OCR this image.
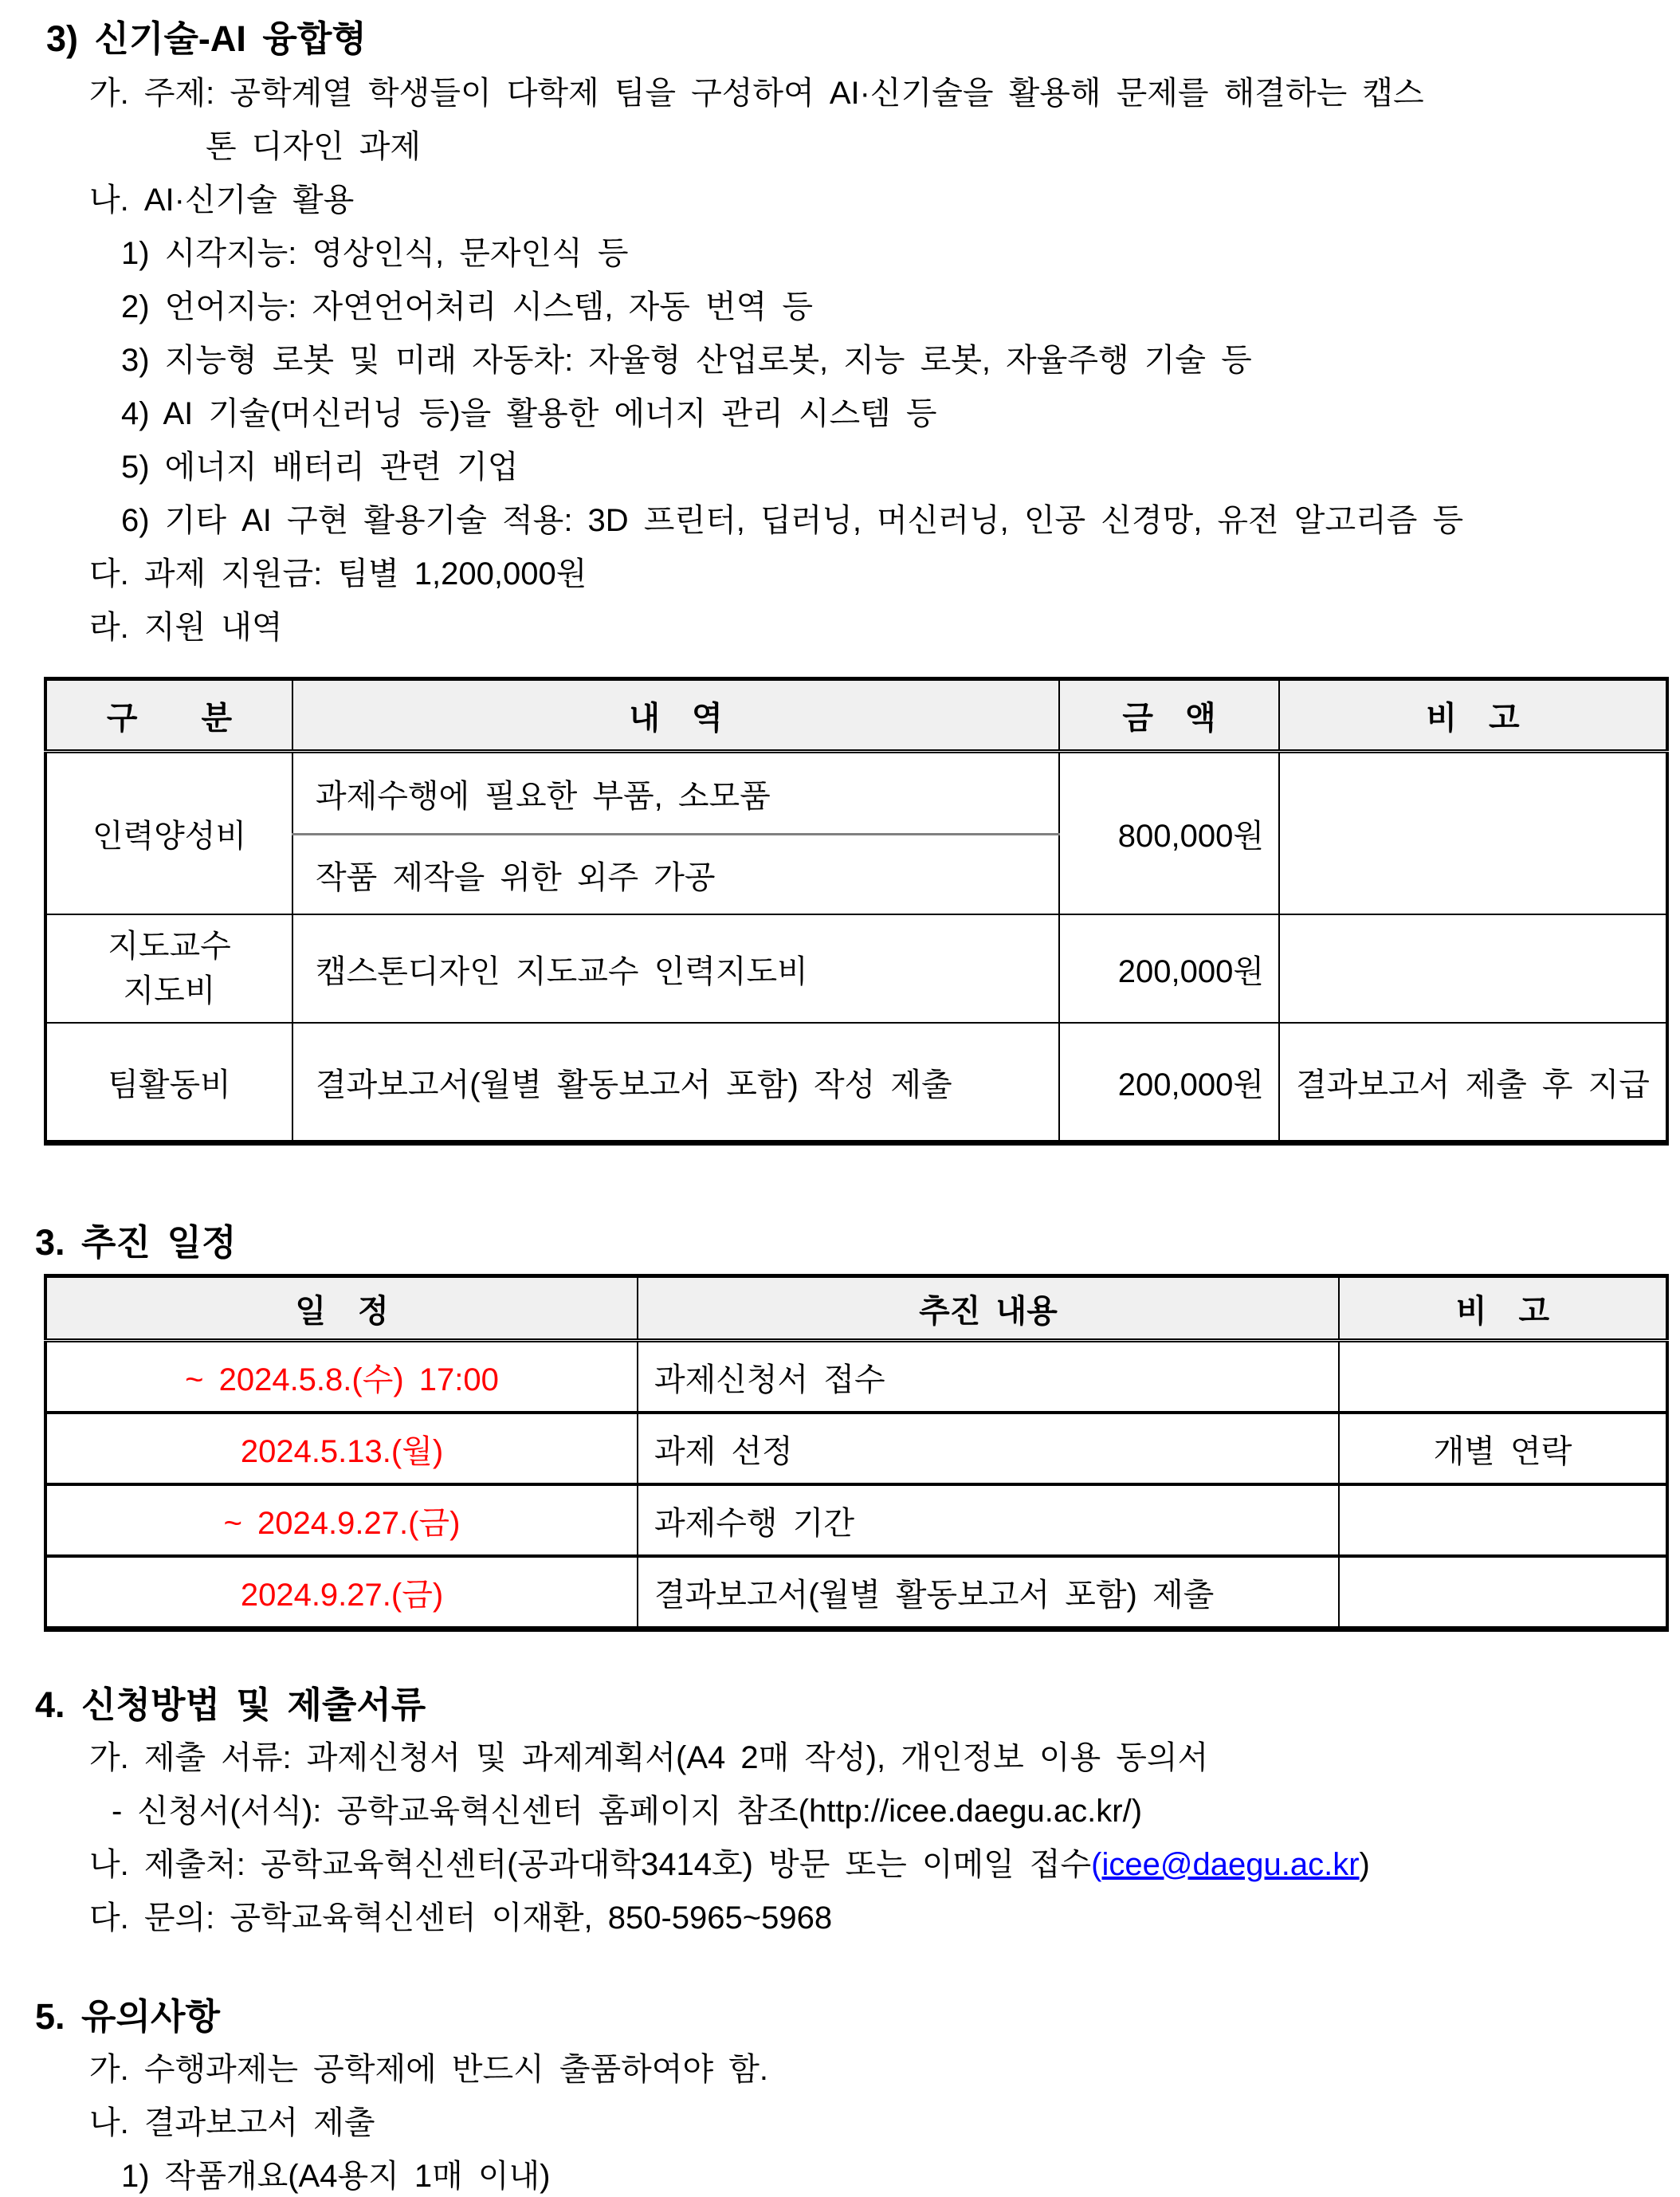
3) 신기술-AI 융합형
가. 주제: 공학계열 학생들이 다학제 팀을 구성하여 AI·신기술을 활용해 문제를 해결하는 캡스
톤 디자인 과제
나. AI·신기술 활용
1) 시각지능: 영상인식, 문자인식 등
2) 언어지능: 자연언어처리 시스템, 자동 번역 등
3) 지능형 로봇 및 미래 자동차: 자율형 산업로봇, 지능 로봇, 자율주행 기술 등
4) AI 기술(머신러닝 등)을 활용한 에너지 관리 시스템 등
5) 에너지 배터리 관련 기업
6) 기타 AI 구현 활용기술 적용: 3D 프린터, 딥러닝, 머신러닝, 인공 신경망, 유전 알고리즘 등
다. 과제 지원금: 팀별 1,200,000원
라. 지원 내역
구　　분	내　역	금　액	비　고
인력양성비	과제수행에 필요한 부품, 소모품	800,000원	
	작품 제작을 위한 외주 가공		

지도교수
지도비	캡스톤디자인 지도교수 인력지도비	200,000원	
팀활동비	결과보고서(월별 활동보고서 포함) 작성 제출	200,000원	결과보고서 제출 후 지급
3. 추진 일정
일　정	추진 내용	비　고
~ 2024.5.8.(수) 17:00	과제신청서 접수	
2024.5.13.(월)	과제 선정	개별 연락
~ 2024.9.27.(금)	과제수행 기간	
2024.9.27.(금)	결과보고서(월별 활동보고서 포함) 제출	
4. 신청방법 및 제출서류
가. 제출 서류: 과제신청서 및 과제계획서(A4 2매 작성), 개인정보 이용 동의서
- 신청서(서식): 공학교육혁신센터 홈페이지 참조(http://icee.daegu.ac.kr/)
나. 제출처: 공학교육혁신센터(공과대학3414호) 방문 또는 이메일 접수(icee@daegu.ac.kr)
다. 문의: 공학교육혁신센터 이재환, 850-5965~5968
5. 유의사항
가. 수행과제는 공학제에 반드시 출품하여야 함.
나. 결과보고서 제출
1) 작품개요(A4용지 1매 이내)
